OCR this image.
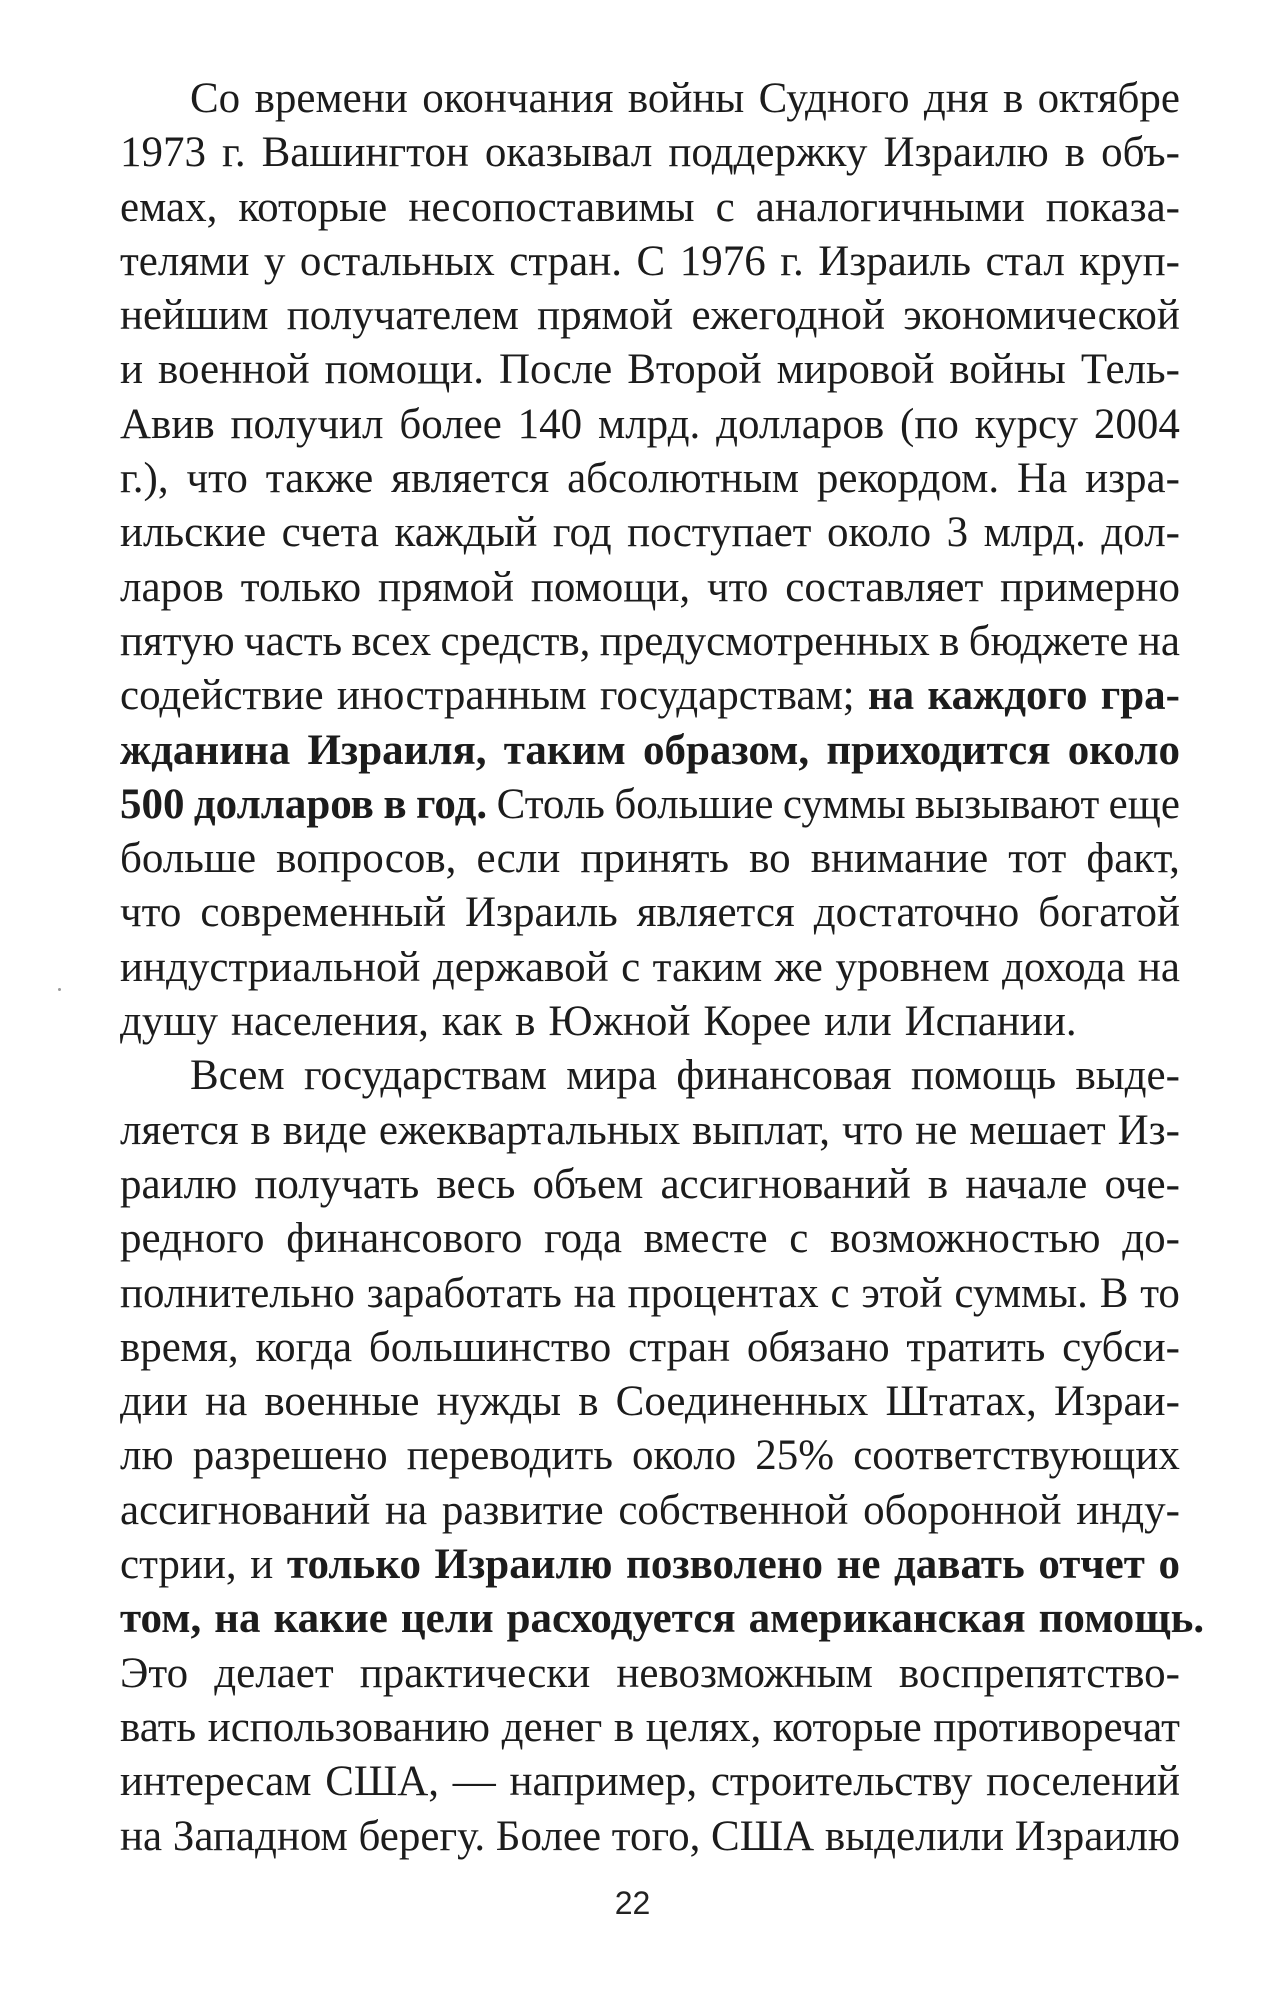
Со времени окончания войны Судного дня в октябре
1973 г. Вашингтон оказывал поддержку Израилю в объ-
емах, которые несопоставимы с аналогичными показа-
телями у остальных стран. С 1976 г. Израиль стал круп-
нейшим получателем прямой ежегодной экономической
и военной помощи. После Второй мировой войны Тель-
Авив получил более 140 млрд. долларов (по курсу 2004
г.), что также является абсолютным рекордом. На изра-
ильские счета каждый год поступает около 3 млрд. дол-
ларов только прямой помощи, что составляет примерно
пятую часть всех средств, предусмотренных в бюджете на
содействие иностранным государствам; на каждого гра-
жданина Израиля, таким образом, приходится около
500 долларов в год. Столь большие суммы вызывают еще
больше вопросов, если принять во внимание тот факт,
что современный Израиль является достаточно богатой
индустриальной державой с таким же уровнем дохода на
душу населения, как в Южной Корее или Испании.
Всем государствам мира финансовая помощь выде-
ляется в виде ежеквартальных выплат, что не мешает Из-
раилю получать весь объем ассигнований в начале оче-
редного финансового года вместе с возможностью до-
полнительно заработать на процентах с этой суммы. В то
время, когда большинство стран обязано тратить субси-
дии на военные нужды в Соединенных Штатах, Израи-
лю разрешено переводить около 25% соответствующих
ассигнований на развитие собственной оборонной инду-
стрии, и только Израилю позволено не давать отчет о
том, на какие цели расходуется американская помощь.
Это делает практически невозможным воспрепятство-
вать использованию денег в целях, которые противоречат
интересам США, — например, строительству поселений
на Западном берегу. Более того, США выделили Израилю
22
